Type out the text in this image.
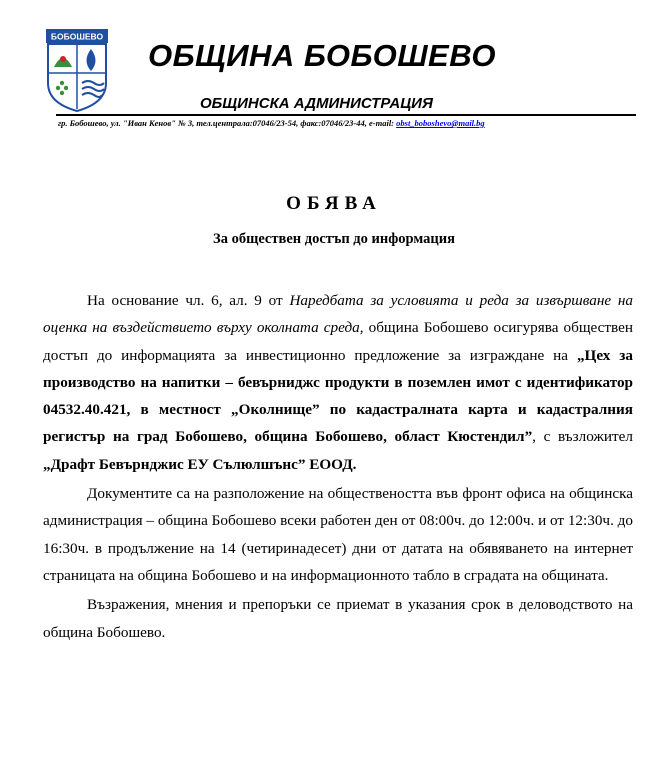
БОБОШЕВО
ОБЩИНА БОБОШЕВО
ОБЩИНСКА АДМИНИСТРАЦИЯ
гр. Бобошево, ул. "Иван Кенов" № 3, тел.централа:07046/23-54, факс:07046/23-44, e-mail: obst_boboshevo@mail.bg
ОБЯВА
За обществен достъп до информация

На основание чл. 6, ал. 9 от Наредбата за условията и реда за извършване на оценка на въздействието върху околната среда, община Бобошево осигурява обществен достъп до информацията за инвестиционно предложение за изграждане на „Цех за производство на напитки – бевърниджс продукти в поземлен имот с идентификатор 04532.40.421, в местност „Околнище” по кадастралната карта и кадастралния регистър на град Бобошево, община Бобошево, област Кюстендил”, с възложител „Драфт Бевърнджис ЕУ Сълюлшънс” ЕООД.

Документите са на разположение на обществеността във фронт офиса на общинска администрация – община Бобошево всеки работен ден от 08:00ч. до 12:00ч. и от 12:30ч. до 16:30ч. в продължение на 14 (четиринадесет) дни от датата на обявяването на интернет страницата на община Бобошево и на информационното табло в сградата на общината.

Възражения, мнения и препоръки се приемат в указания срок в деловодството на община Бобошево.
